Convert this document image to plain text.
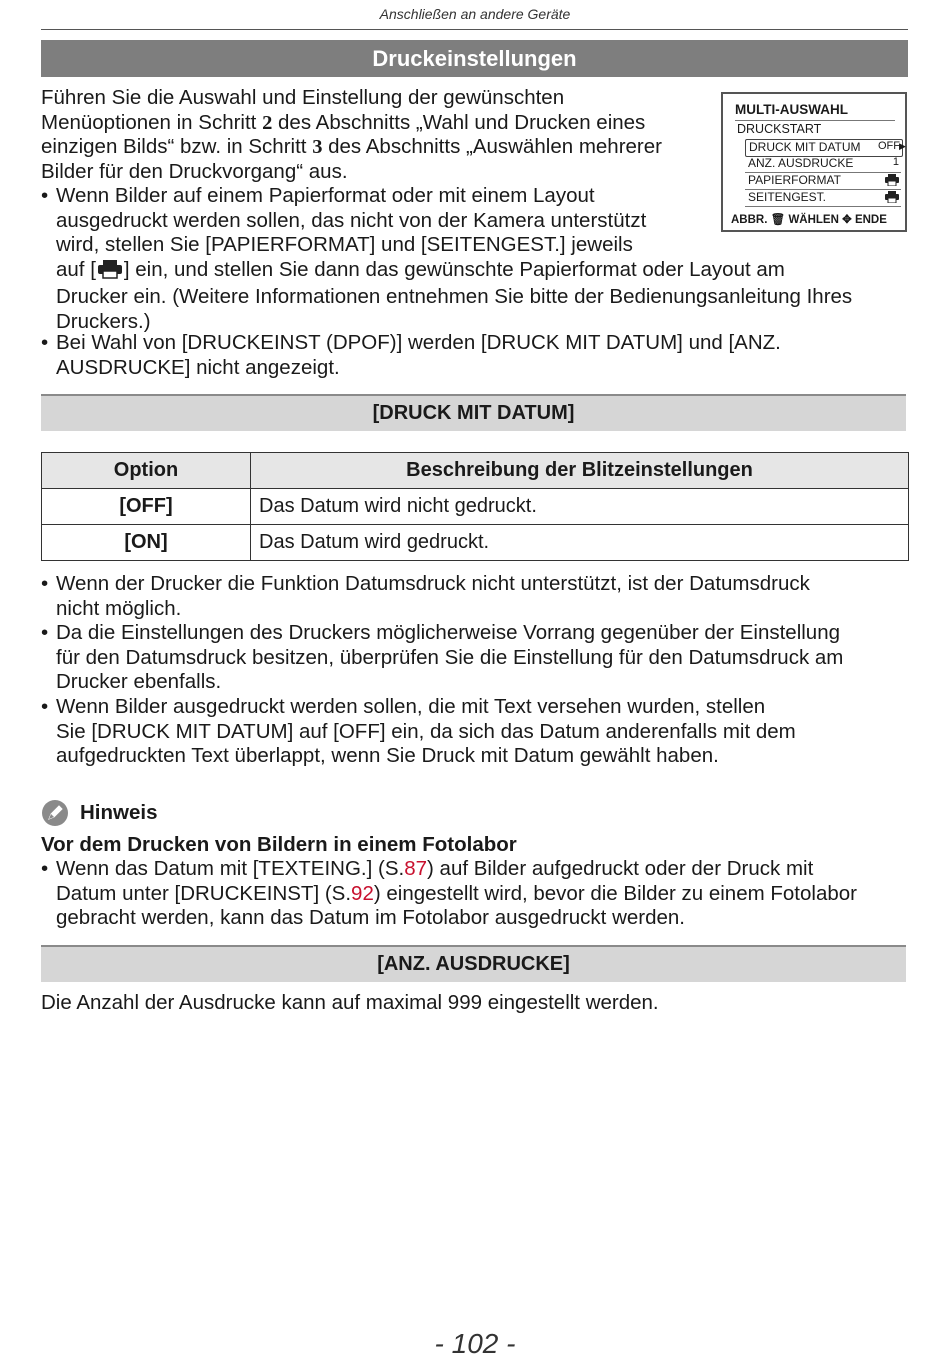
Anschließen an andere Geräte
Druckeinstellungen
Führen Sie die Auswahl und Einstellung der gewünschten
Menüoptionen in Schritt 2 des Abschnitts „Wahl und Drucken eines
einzigen Bilds“ bzw. in Schritt 3 des Abschnitts „Auswählen mehrerer
Bilder für den Druckvorgang“ aus.
• Wenn Bilder auf einem Papierformat oder mit einem Layout
ausgedruckt werden sollen, das nicht von der Kamera unterstützt
wird, stellen Sie [PAPIERFORMAT] und [SEITENGEST.] jeweils
auf [ ] ein, und stellen Sie dann das gewünschte Papierformat oder Layout am
Drucker ein. (Weitere Informationen entnehmen Sie bitte der Bedienungsanleitung Ihres
Druckers.)
• Bei Wahl von [DRUCKEINST (DPOF)] werden [DRUCK MIT DATUM] und [ANZ.
AUSDRUCKE] nicht angezeigt.
MULTI-AUSWAHL
DRUCKSTART
DRUCK MIT DATUM OFF ▶
ANZ. AUSDRUCKE	1
PAPIERFORMAT
SEITENGEST.
ABBR. 🗑 WÄHLEN ✥ ENDE
[DRUCK MIT DATUM]
Option	Beschreibung der Blitzeinstellungen
[OFF]	Das Datum wird nicht gedruckt.
[ON]	Das Datum wird gedruckt.
• Wenn der Drucker die Funktion Datumsdruck nicht unterstützt, ist der Datumsdruck
nicht möglich.
• Da die Einstellungen des Druckers möglicherweise Vorrang gegenüber der Einstellung
für den Datumsdruck besitzen, überprüfen Sie die Einstellung für den Datumsdruck am
Drucker ebenfalls.
• Wenn Bilder ausgedruckt werden sollen, die mit Text versehen wurden, stellen
Sie [DRUCK MIT DATUM] auf [OFF] ein, da sich das Datum anderenfalls mit dem
aufgedruckten Text überlappt, wenn Sie Druck mit Datum gewählt haben.
Hinweis
Vor dem Drucken von Bildern in einem Fotolabor
• Wenn das Datum mit [TEXTEING.] (S.87) auf Bilder aufgedruckt oder der Druck mit
Datum unter [DRUCKEINST] (S.92) eingestellt wird, bevor die Bilder zu einem Fotolabor
gebracht werden, kann das Datum im Fotolabor ausgedruckt werden.
[ANZ. AUSDRUCKE]
Die Anzahl der Ausdrucke kann auf maximal 999 eingestellt werden.
- 102 -
